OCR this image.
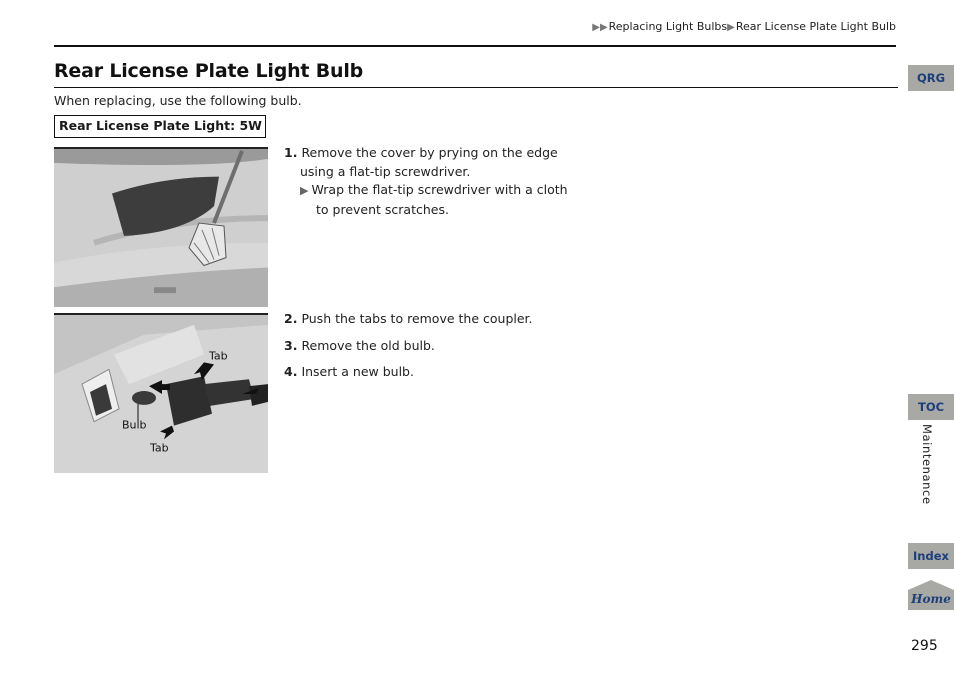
▶▶Replacing Light Bulbs▶Rear License Plate Light Bulb
Rear License Plate Light Bulb

When replacing, use the following bulb.

Rear License Plate Light: 5W
1. Remove the cover by prying on the edge
using a flat-tip screwdriver.
▶ Wrap the flat-tip screwdriver with a cloth
to prevent scratches.
Tab
Bulb
Tab
2. Push the tabs to remove the coupler.
3. Remove the old bulb.
4. Insert a new bulb.
QRG
TOC
Maintenance
Index
Home
295
